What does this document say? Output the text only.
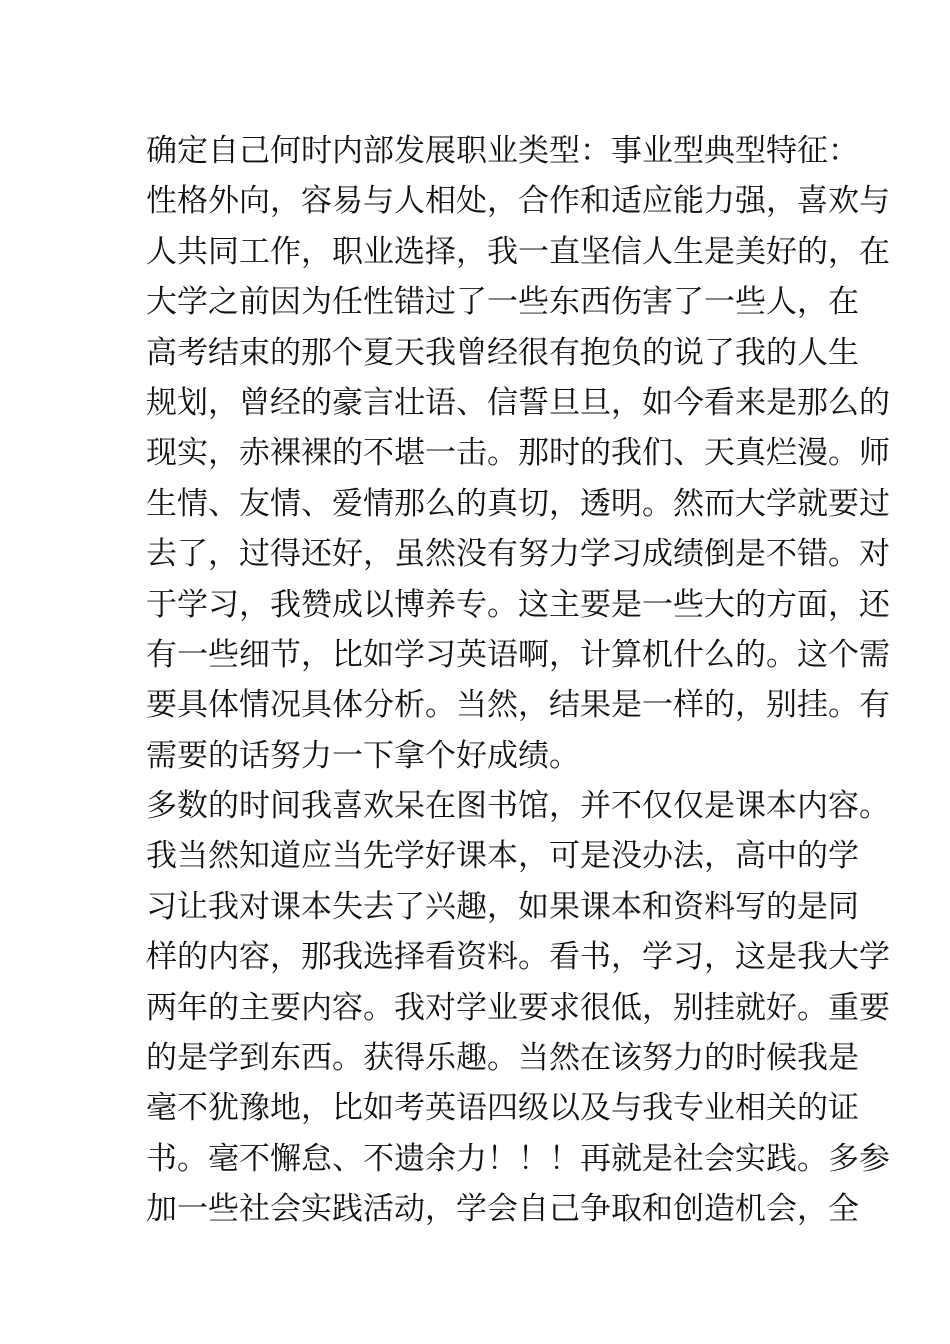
确定自己何时内部发展职业类型：事业型典型特征：
性格外向，容易与人相处，合作和适应能力强，喜欢与
人共同工作，职业选择，我一直坚信人生是美好的，在
大学之前因为任性错过了一些东西伤害了一些人，在
高考结束的那个夏天我曾经很有抱负的说了我的人生
规划，曾经的豪言壮语、信誓旦旦，如今看来是那么的
现实，赤裸裸的不堪一击。那时的我们、天真烂漫。师
生情、友情、爱情那么的真切，透明。然而大学就要过
去了，过得还好，虽然没有努力学习成绩倒是不错。对
于学习，我赞成以博养专。这主要是一些大的方面，还
有一些细节，比如学习英语啊，计算机什么的。这个需
要具体情况具体分析。当然，结果是一样的，别挂。有
需要的话努力一下拿个好成绩。
多数的时间我喜欢呆在图书馆，并不仅仅是课本内容。
我当然知道应当先学好课本，可是没办法，高中的学
习让我对课本失去了兴趣，如果课本和资料写的是同
样的内容，那我选择看资料。看书，学习，这是我大学
两年的主要内容。我对学业要求很低，别挂就好。重要
的是学到东西。获得乐趣。当然在该努力的时候我是
毫不犹豫地，比如考英语四级以及与我专业相关的证
书。毫不懈怠、不遗余力！！！再就是社会实践。多参
加一些社会实践活动，学会自己争取和创造机会，全
